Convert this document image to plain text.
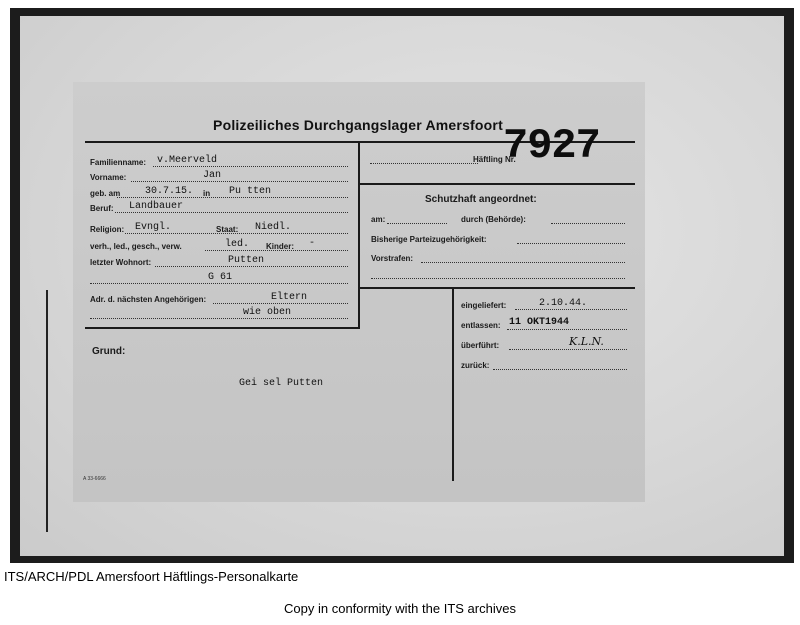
Polizeiliches Durchgangslager Amersfoort
Häftling Nr.
7927
Familienname: v.Meerveld
Vorname:	Jan
geb. am 30.7.15. in Pu tten
Beruf: Landbauer
Religion: Evngl.	Staat: Niedl.
verh., led., gesch., verw.	led. Kinder: -
letzter Wohnort:	Putten
G 61
Adr. d. nächsten Angehörigen:	Eltern
wie oben
Schutzhaft angeordnet:
am:	durch (Behörde):
Bisherige Parteizugehörigkeit:
Vorstrafen:
eingeliefert:	2.10.44.
entlassen: 11 OKT1944
überführt:	K.L.N.
zurück:
Grund:
Gei sel Putten
A 33-6666
ITS/ARCH/PDL Amersfoort Häftlings-Personalkarte
Copy in conformity with the ITS archives
